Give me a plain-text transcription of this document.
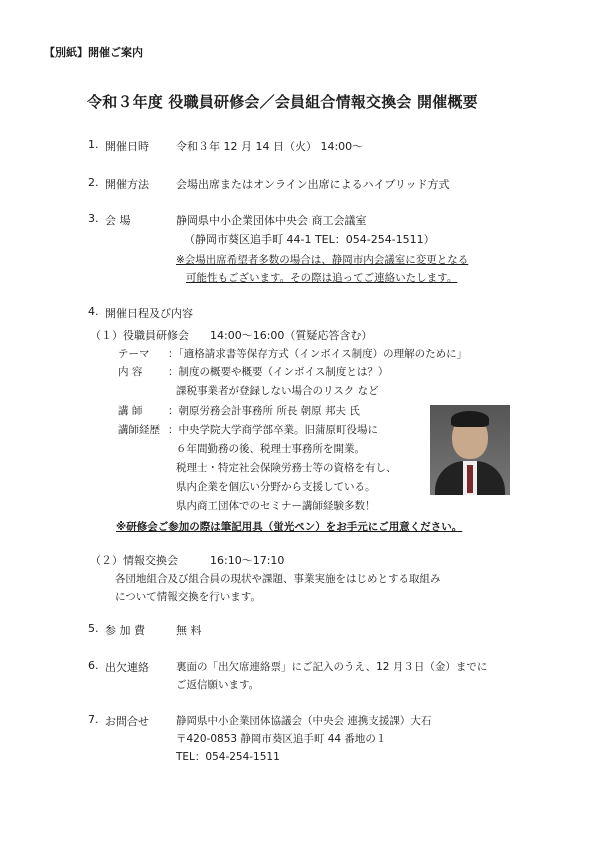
【別紙】開催ご案内
令和３年度 役職員研修会／会員組合情報交換会 開催概要
1. 開催日時 令和３年 12 月 14 日（火） 14:00～
2. 開催方法 会場出席またはオンライン出席によるハイブリッド方式
3. 会 場	静岡県中小企業団体中央会 商工会議室
（静岡市葵区追手町 44-1 TEL：054-254-1511）
※会場出席希望者多数の場合は、静岡市内会議室に変更となる
可能性もございます。その際は追ってご連絡いたします。
4. 開催日程及び内容
（１）役職員研修会 14:00～16:00（質疑応答含む）
テーマ ：「適格請求書等保存方式（インボイス制度）の理解のために」
内 容 ：制度の概要や概要（インボイス制度とは？）
課税事業者が登録しない場合のリスク など
講 師 ：朝原労務会計事務所 所長 朝原 邦夫 氏
講師経歴 ：中央学院大学商学部卒業。旧蒲原町役場に
６年間勤務の後、税理士事務所を開業。
税理士・特定社会保険労務士等の資格を有し、
県内企業を個広い分野から支援している。
県内商工団体でのセミナー講師経験多数！
※研修会ご参加の際は筆記用具（蛍光ペン）をお手元にご用意ください。
（２）情報交換会	16:10～17:10
各団地組合及び組合員の現状や課題、事業実施をはじめとする取組み
について情報交換を行います。
5. 参 加 費	無 料
6. 出欠連絡	裏面の「出欠席連絡票」にご記入のうえ、12 月３日（金）までに
ご返信願います。
7. お問合せ	静岡県中小企業団体協議会（中央会 連携支援課）大石
〒420-0853 静岡市葵区追手町 44 番地の１
TEL：054-254-1511
